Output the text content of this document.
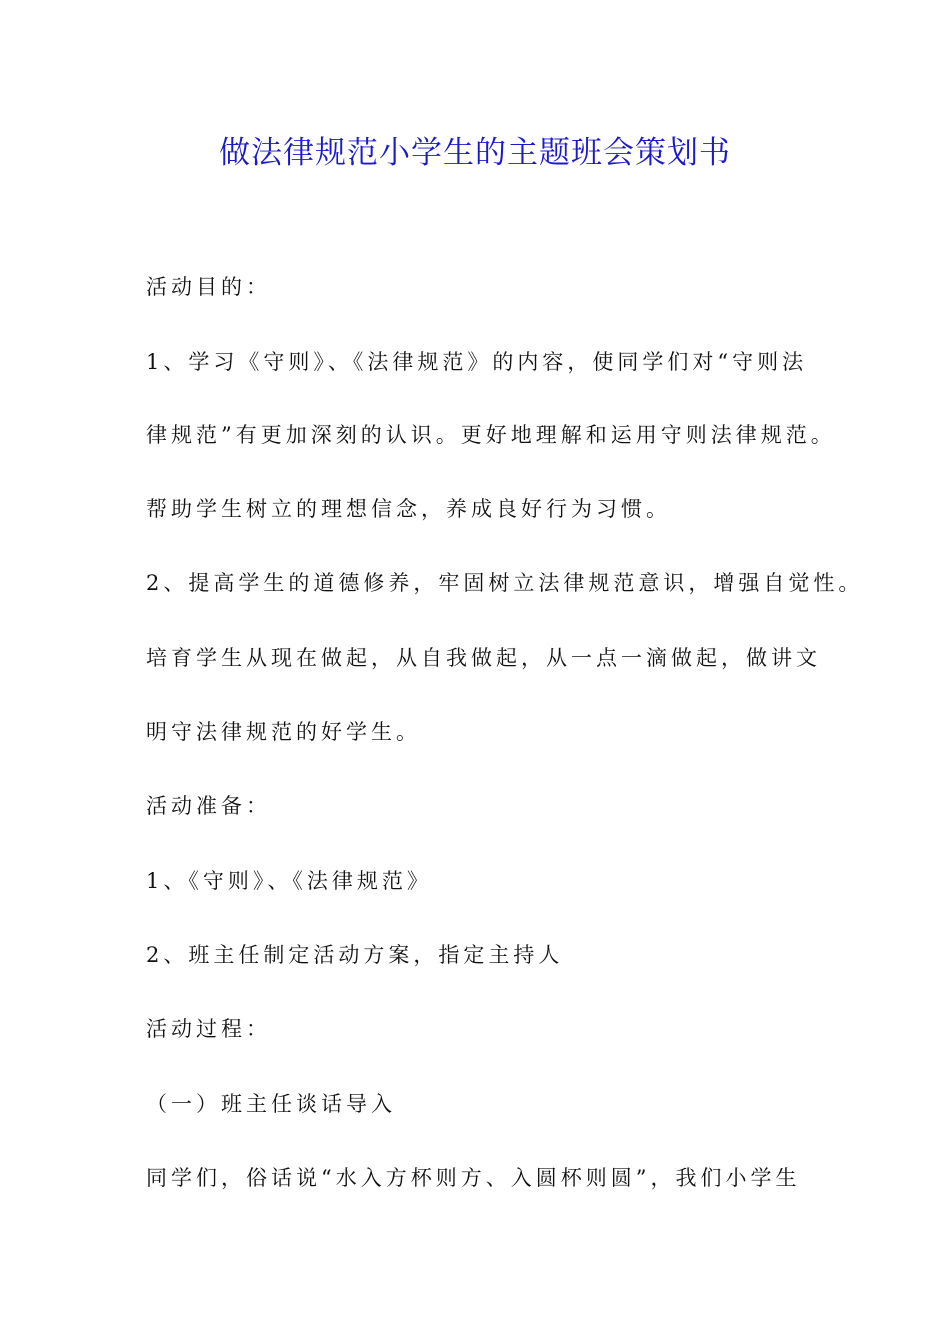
做法律规范小学生的主题班会策划书
活动目的：
1、学习《守则》、《法律规范》的内容，使同学们对“守则法
律规范”有更加深刻的认识。更好地理解和运用守则法律规范。
帮助学生树立的理想信念，养成良好行为习惯。
2、提高学生的道德修养，牢固树立法律规范意识，增强自觉性。
培育学生从现在做起，从自我做起，从一点一滴做起，做讲文
明守法律规范的好学生。
活动准备：
1、《守则》、《法律规范》
2、班主任制定活动方案，指定主持人
活动过程：
（一）班主任谈话导入
同学们，俗话说“水入方杯则方、入圆杯则圆”，我们小学生
